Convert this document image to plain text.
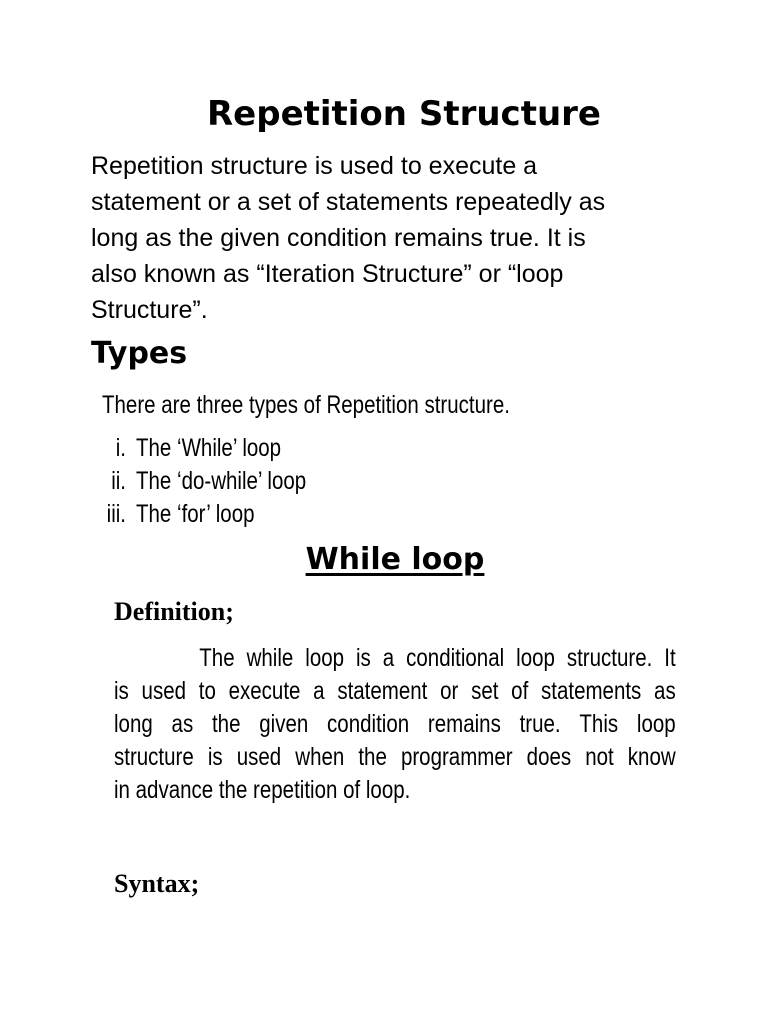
Repetition Structure

Repetition structure is used to execute a
statement or a set of statements repeatedly as
long as the given condition remains true. It is
also known as “Iteration Structure” or “loop
Structure”.

Types

There are three types of Repetition structure.

i. The ‘While’ loop
ii. The ‘do-while’ loop
iii. The ‘for’ loop
While loop
Definition;
The while loop is a conditional loop structure. It
is used to execute a statement or set of statements as
long as the given condition remains true. This loop
structure is used when the programmer does not know
in advance the repetition of loop.
Syntax;
